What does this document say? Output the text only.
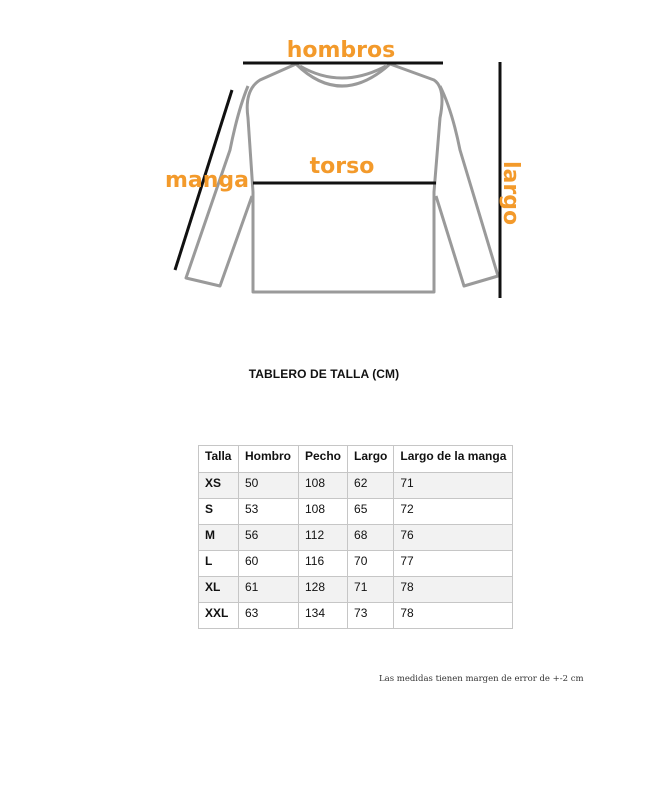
hombros
torso
manga	largo
TABLERO DE TALLA (CM)
Talla	Hombro	Pecho	Largo	Largo de la manga
XS	50	108	62	71
S	53	108	65	72
M	56	112	68	76
L	60	116	70	77
XL	61	128	71	78
XXL	63	134	73	78
Las medidas tienen margen de error de +-2 cm
